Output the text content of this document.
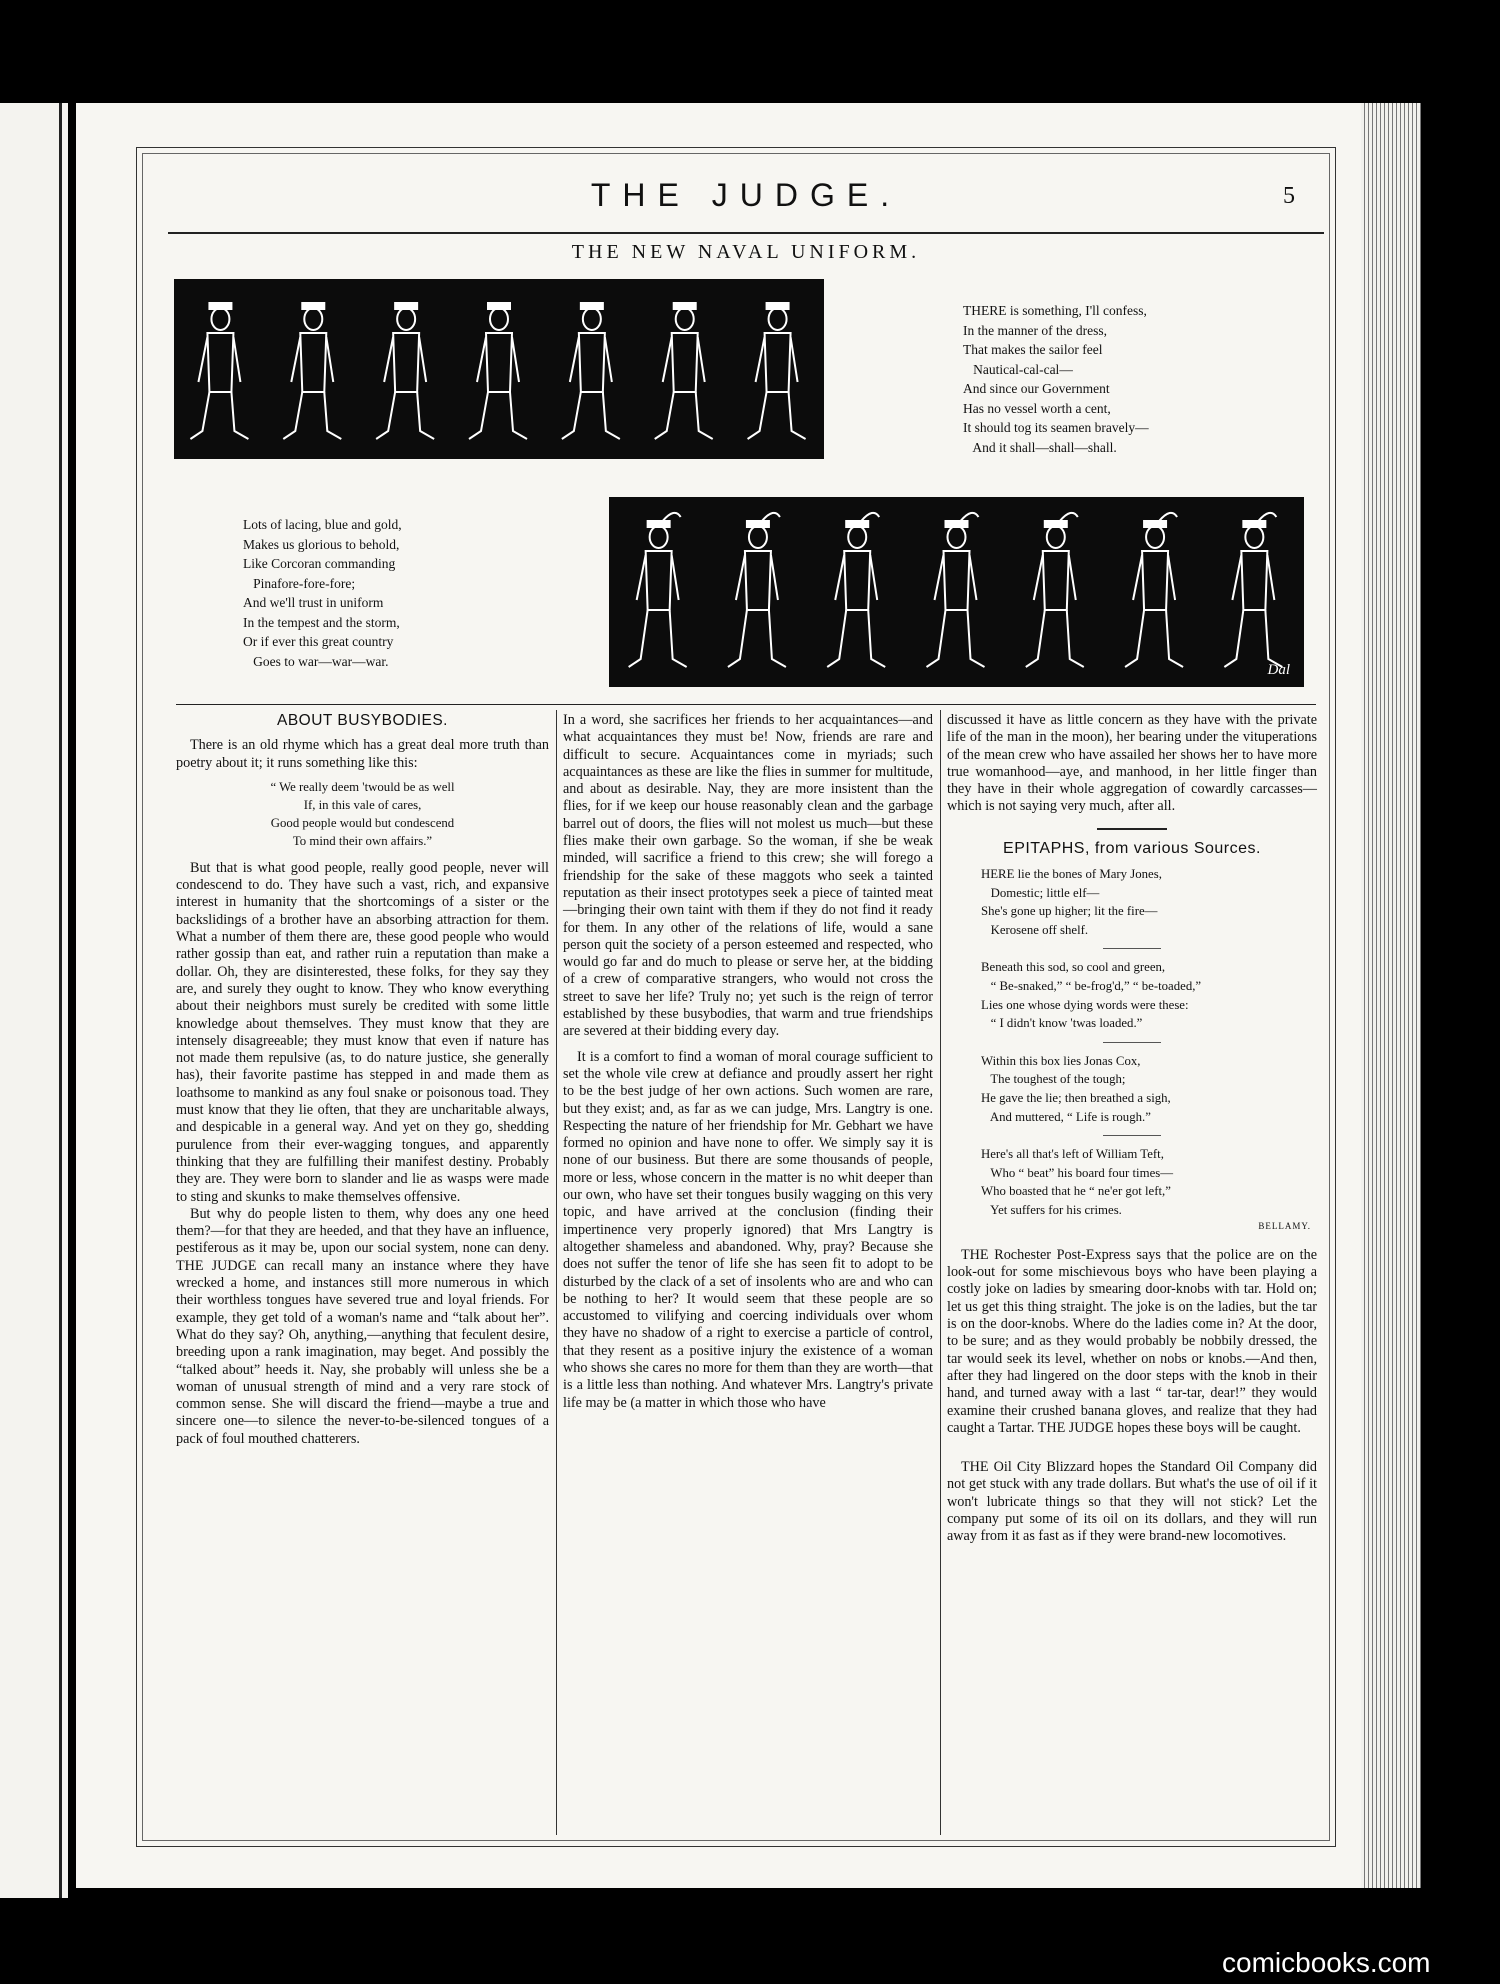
THE JUDGE.	5
THE NEW NAVAL UNIFORM.
THERE is something, I'll confess,
In the manner of the dress,
That makes the sailor feel
Nautical-cal-cal—
And since our Government
Has no vessel worth a cent,
It should tog its seamen bravely—
And it shall—shall—shall.
Lots of lacing, blue and gold,
Makes us glorious to behold,
Like Corcoran commanding
Pinafore-fore-fore;
And we'll trust in uniform
In the tempest and the storm,
Or if ever this great country
Goes to war—war—war.
Dal
ABOUT BUSYBODIES.

There is an old rhyme which has a great deal more truth than poetry about it; it runs something like this:

“ We really deem 'twould be as well
If, in this vale of cares,
Good people would but condescend
To mind their own affairs.”

But that is what good people, really good people, never will condescend to do. They have such a vast, rich, and expansive interest in humanity that the shortcomings of a sister or the backslidings of a brother have an absorbing attraction for them. What a number of them there are, these good people who would rather gossip than eat, and rather ruin a reputation than make a dollar. Oh, they are disinterested, these folks, for they say they are, and surely they ought to know. They who know everything about their neighbors must surely be credited with some little knowledge about themselves. They must know that they are intensely disagreeable; they must know that even if nature has not made them repulsive (as, to do nature justice, she generally has), their favorite pastime has stepped in and made them as loathsome to mankind as any foul snake or poisonous toad. They must know that they lie often, that they are uncharitable always, and despicable in a general way. And yet on they go, shedding purulence from their ever-wagging tongues, and apparently thinking that they are fulfilling their manifest destiny. Probably they are. They were born to slander and lie as wasps were made to sting and skunks to make themselves offensive.

But why do people listen to them, why does any one heed them?—for that they are heeded, and that they have an influence, pestiferous as it may be, upon our social system, none can deny. THE JUDGE can recall many an instance where they have wrecked a home, and instances still more numerous in which their worthless tongues have severed true and loyal friends. For example, they get told of a woman's name and “talk about her”. What do they say? Oh, anything,—anything that feculent desire, breeding upon a rank imagination, may beget. And possibly the “talked about” heeds it. Nay, she probably will unless she be a woman of unusual strength of mind and a very rare stock of common sense. She will discard the friend—maybe a true and sincere one—to silence the never-to-be-silenced tongues of a pack of foul mouthed chatterers.

In a word, she sacrifices her friends to her acquaintances—and what acquaintances they must be! Now, friends are rare and difficult to secure. Acquaintances come in myriads; such acquaintances as these are like the flies in summer for multitude, and about as desirable. Nay, they are more insistent than the flies, for if we keep our house reasonably clean and the garbage barrel out of doors, the flies will not molest us much—but these flies make their own garbage. So the woman, if she be weak minded, will sacrifice a friend to this crew; she will forego a friendship for the sake of these maggots who seek a tainted reputation as their insect prototypes seek a piece of tainted meat—bringing their own taint with them if they do not find it ready for them. In any other of the relations of life, would a sane person quit the society of a person esteemed and respected, who would go far and do much to please or serve her, at the bidding of a crew of comparative strangers, who would not cross the street to save her life? Truly no; yet such is the reign of terror established by these busybodies, that warm and true friendships are severed at their bidding every day.

It is a comfort to find a woman of moral courage sufficient to set the whole vile crew at defiance and proudly assert her right to be the best judge of her own actions. Such women are rare, but they exist; and, as far as we can judge, Mrs. Langtry is one. Respecting the nature of her friendship for Mr. Gebhart we have formed no opinion and have none to offer. We simply say it is none of our business. But there are some thousands of people, more or less, whose concern in the matter is no whit deeper than our own, who have set their tongues busily wagging on this very topic, and have arrived at the conclusion (finding their impertinence very properly ignored) that Mrs Langtry is altogether shameless and abandoned. Why, pray? Because she does not suffer the tenor of life she has seen fit to adopt to be disturbed by the clack of a set of insolents who are and who can be nothing to her? It would seem that these people are so accustomed to vilifying and coercing individuals over whom they have no shadow of a right to exercise a particle of control, that they resent as a positive injury the existence of a woman who shows she cares no more for them than they are worth—that is a little less than nothing. And whatever Mrs. Langtry's private life may be (a matter in which those who have

discussed it have as little concern as they have with the private life of the man in the moon), her bearing under the vituperations of the mean crew who have assailed her shows her to have more true womanhood—aye, and manhood, in her little finger than they have in their whole aggregation of cowardly carcasses—which is not saying very much, after all.

EPITAPHS, from various Sources.
HERE lie the bones of Mary Jones,
Domestic; little elf—
She's gone up higher; lit the fire—
Kerosene off shelf.
Beneath this sod, so cool and green,
“ Be-snaked,” “ be-frog'd,” “ be-toaded,”
Lies one whose dying words were these:
“ I didn't know 'twas loaded.”
Within this box lies Jonas Cox,
The toughest of the tough;
He gave the lie; then breathed a sigh,
And muttered, “ Life is rough.”
Here's all that's left of William Teft,
Who “ beat” his board four times—
Who boasted that he “ ne'er got left,”
Yet suffers for his crimes.
BELLAMY.

THE Rochester Post-Express says that the police are on the look-out for some mischievous boys who have been playing a costly joke on ladies by smearing door-knobs with tar. Hold on; let us get this thing straight. The joke is on the ladies, but the tar is on the door-knobs. Where do the ladies come in? At the door, to be sure; and as they would probably be nobbily dressed, the tar would seek its level, whether on nobs or knobs.—And then, after they had lingered on the door steps with the knob in their hand, and turned away with a last “ tar-tar, dear!” they would examine their crushed banana gloves, and realize that they had caught a Tartar. THE JUDGE hopes these boys will be caught.

THE Oil City Blizzard hopes the Standard Oil Company did not get stuck with any trade dollars. But what's the use of oil if it won't lubricate things so that they will not stick? Let the company put some of its oil on its dollars, and they will run away from it as fast as if they were brand-new locomotives.

comicbooks.com
